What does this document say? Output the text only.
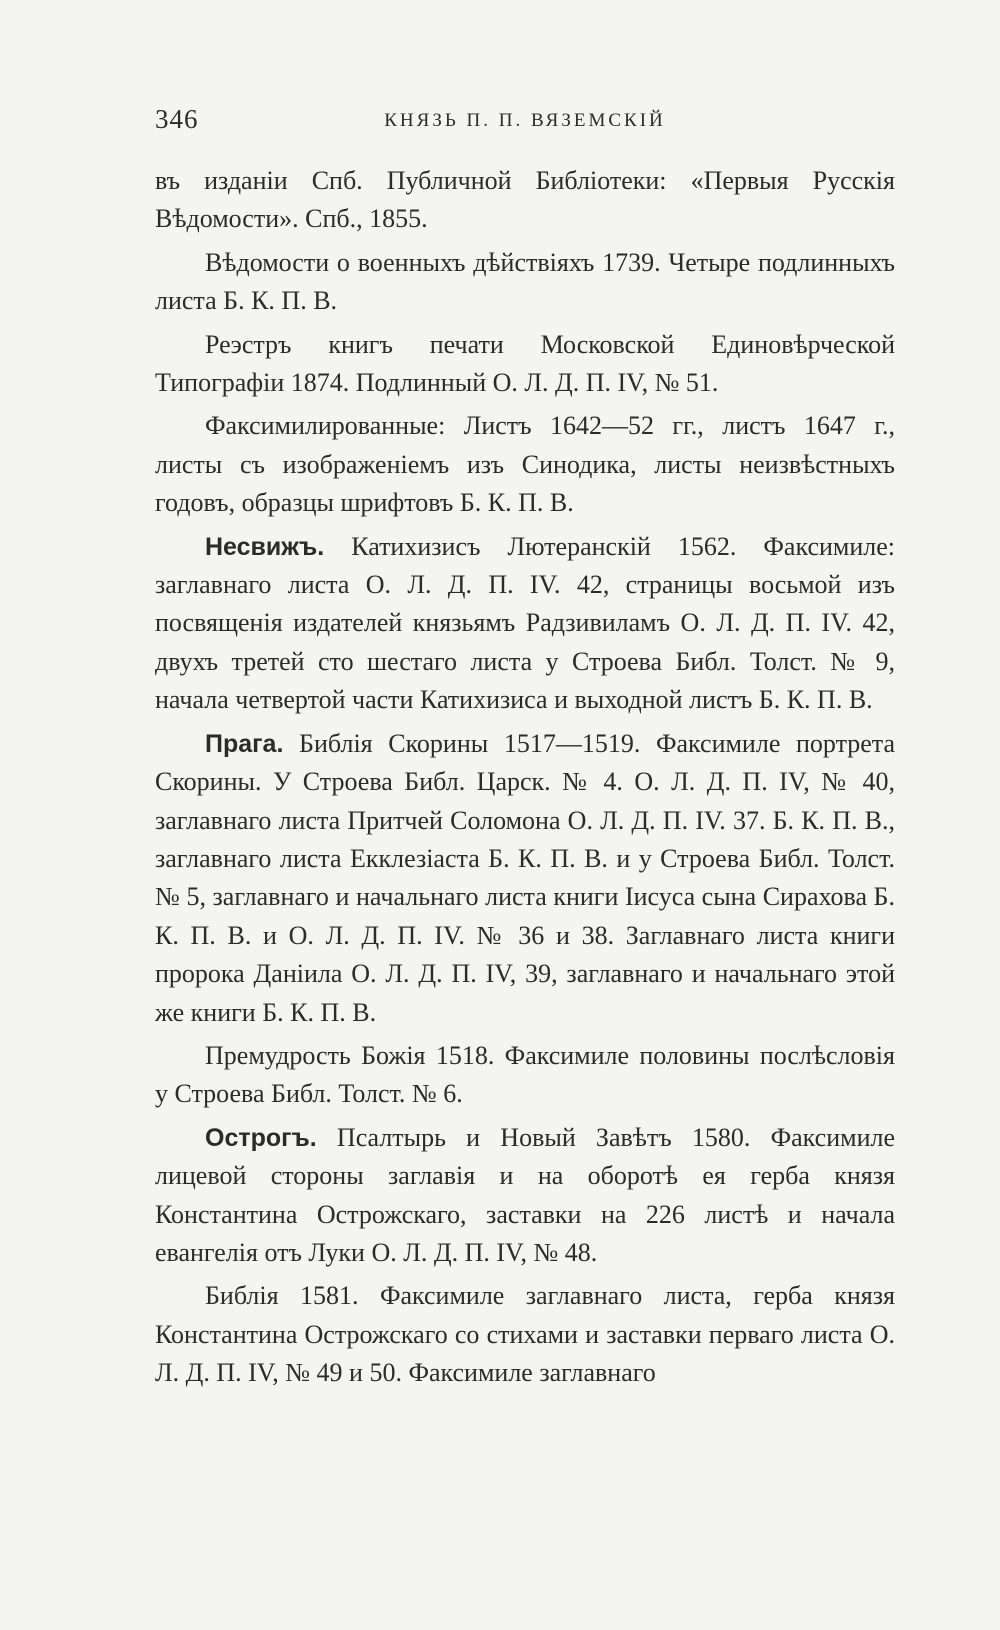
346	КНЯЗЬ П. П. ВЯЗЕМСКІЙ

въ изданіи Спб. Публичной Библіотеки: «Первыя Русскія Вѣдомости». Спб., 1855.

Вѣдомости о военныхъ дѣйствіяхъ 1739. Четыре подлинныхъ листа Б. К. П. В.

Реэстръ книгъ печати Московской Единовѣрческой Типографіи 1874. Подлинный О. Л. Д. П. IV, № 51.

Факсимилированные: Листъ 1642—52 гг., листъ 1647 г., листы съ изображеніемъ изъ Синодика, листы неизвѣстныхъ годовъ, образцы шрифтовъ Б. К. П. В.

Несвижъ. Катихизисъ Лютеранскій 1562. Факсимиле: заглавнаго листа О. Л. Д. П. IV. 42, страницы восьмой изъ посвященія издателей князьямъ Радзивиламъ О. Л. Д. П. IV. 42, двухъ третей сто шестаго листа у Строева Библ. Толст. № 9, начала четвертой части Катихизиса и выходной листъ Б. К. П. В.

Прага. Библія Скорины 1517—1519. Факсимиле портрета Скорины. У Строева Библ. Царск. № 4. О. Л. Д. П. IV, № 40, заглавнаго листа Притчей Соломона О. Л. Д. П. IV. 37. Б. К. П. В., заглавнаго листа Екклезіаста Б. К. П. В. и у Строева Библ. Толст. № 5, заглавнаго и начальнаго листа книги Іисуса сына Сирахова Б. К. П. В. и О. Л. Д. П. IV. № 36 и 38. Заглавнаго листа книги пророка Даніила О. Л. Д. П. IV, 39, заглавнаго и начальнаго этой же книги Б. К. П. В.

Премудрость Божія 1518. Факсимиле половины послѣсловія у Строева Библ. Толст. № 6.

Острогъ. Псалтырь и Новый Завѣтъ 1580. Факсимиле лицевой стороны заглавія и на оборотѣ ея герба князя Константина Острожскаго, заставки на 226 листѣ и начала евангелія отъ Луки О. Л. Д. П. IV, № 48.

Библія 1581. Факсимиле заглавнаго листа, герба князя Константина Острожскаго со стихами и заставки перваго листа О. Л. Д. П. IV, № 49 и 50. Факсимиле заглавнаго
